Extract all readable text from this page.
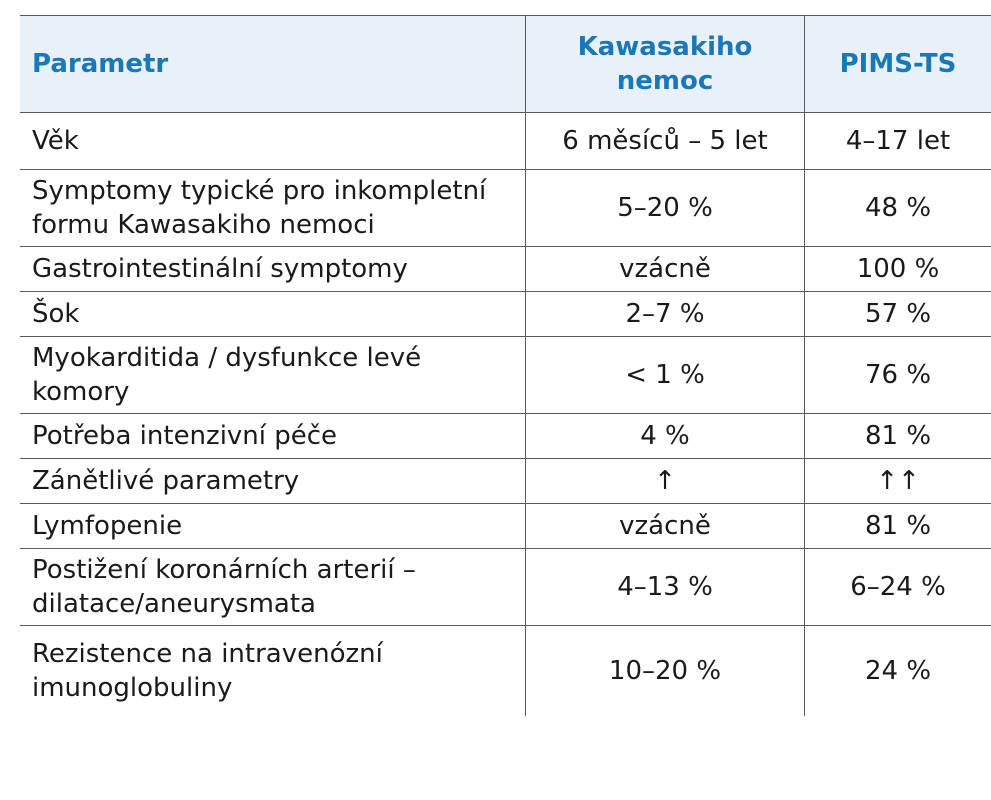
Parametr	Kawasakiho nemoc	PIMS-TS
Věk	6 měsíců – 5 let	4–17 let
Symptomy typické pro inkompletní formu Kawasakiho nemoci	5–20 %	48 %
Gastrointestinální symptomy	vzácně	100 %
Šok	2–7 %	57 %
Myokarditida / dysfunkce levé komory	< 1 %	76 %
Potřeba intenzivní péče	4 %	81 %
Zánětlivé parametry	↑	↑↑
Lymfopenie	vzácně	81 %
Postižení koronárních arterií – dilatace/aneurysmata	4–13 %	6–24 %
Rezistence na intravenózní imunoglobuliny	10–20 %	24 %
